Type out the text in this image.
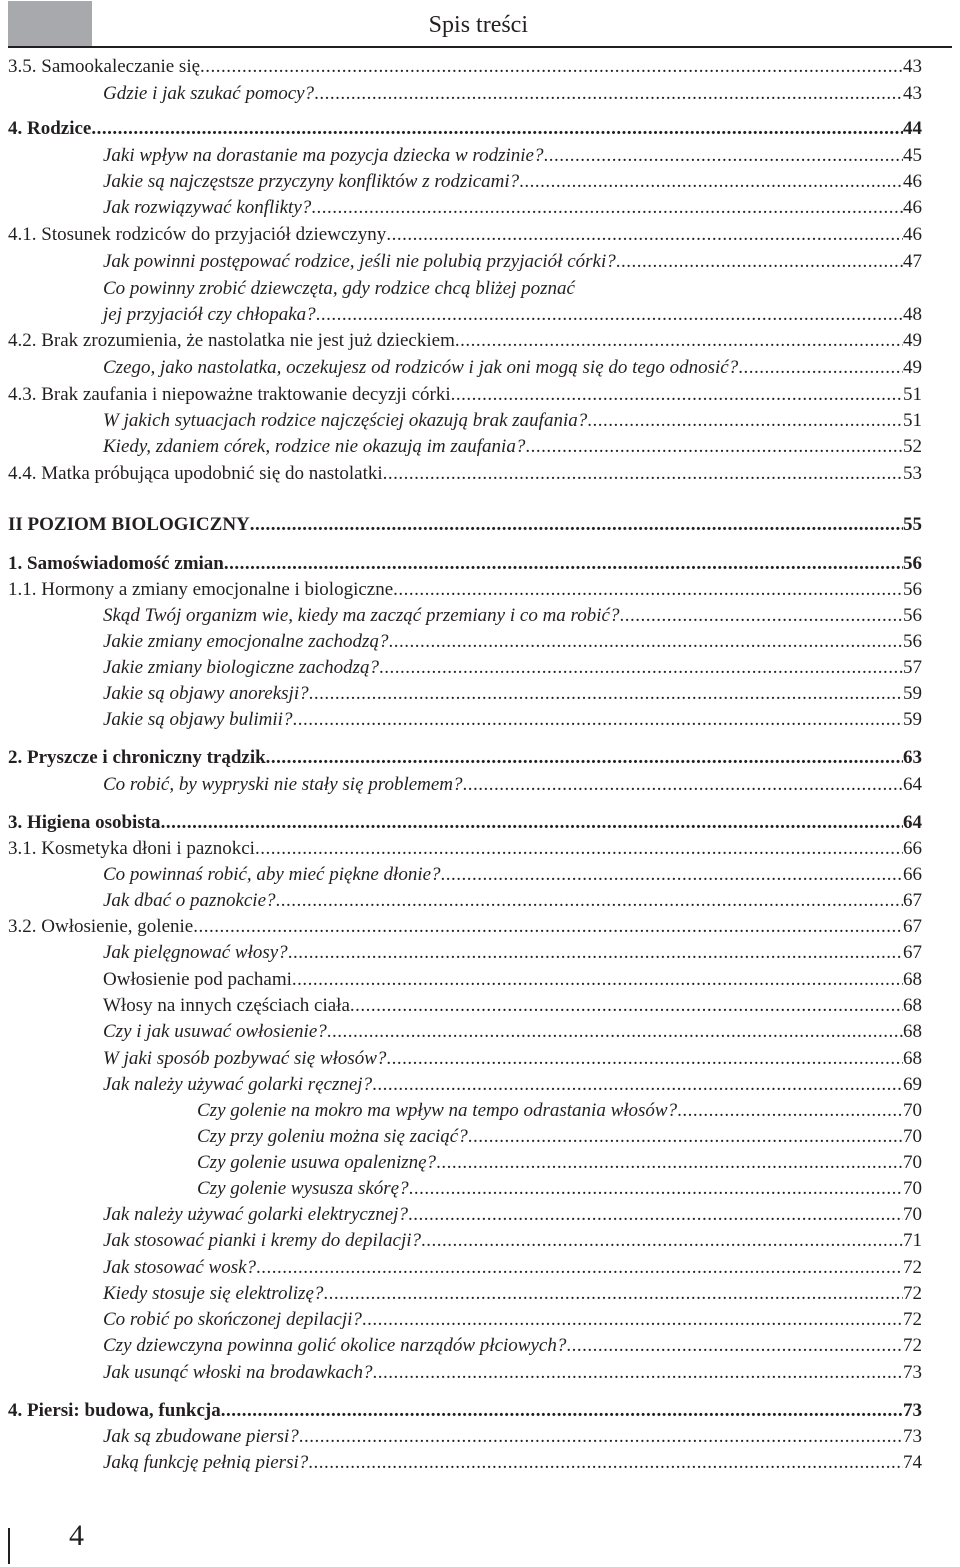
Spis treści
3.5. Samookaleczanie się .....	43
Gdzie i jak szukać pomocy? .....	43
4. Rodzice .....	44
Jaki wpływ na dorastanie ma pozycja dziecka w rodzinie? .....	45
Jakie są najczęstsze przyczyny konfliktów z rodzicami? .....	46
Jak rozwiązywać konflikty? .....	46
4.1. Stosunek rodziców do przyjaciół dziewczyny .....	46
Jak powinni postępować rodzice, jeśli nie polubią przyjaciół córki? .....	47
Co powinny zrobić dziewczęta, gdy rodzice chcą bliżej poznać
jej przyjaciół czy chłopaka? .....	48
4.2. Brak zrozumienia, że nastolatka nie jest już dzieckiem .....	49
Czego, jako nastolatka, oczekujesz od rodziców i jak oni mogą się do tego odnosić? .....	49
4.3. Brak zaufania i niepoważne traktowanie decyzji córki .....	51
W jakich sytuacjach rodzice najczęściej okazują brak zaufania? .....	51
Kiedy, zdaniem córek, rodzice nie okazują im zaufania? .....	52
4.4. Matka próbująca upodobnić się do nastolatki .....	53
II POZIOM BIOLOGICZNY .....	55
1. Samoświadomość zmian .....	56
1.1. Hormony a zmiany emocjonalne i biologiczne .....	56
Skąd Twój organizm wie, kiedy ma zacząć przemiany i co ma robić? .....	56
Jakie zmiany emocjonalne zachodzą? .....	56
Jakie zmiany biologiczne zachodzą? .....	57
Jakie są objawy anoreksji? .....	59
Jakie są objawy bulimii? .....	59
2. Pryszcze i chroniczny trądzik .....	63
Co robić, by wypryski nie stały się problemem? .....	64
3. Higiena osobista .....	64
3.1. Kosmetyka dłoni i paznokci .....	66
Co powinnaś robić, aby mieć piękne dłonie? .....	66
Jak dbać o paznokcie? .....	67
3.2. Owłosienie, golenie .....	67
Jak pielęgnować włosy? .....	67
Owłosienie pod pachami .....	68
Włosy na innych częściach ciała .....	68
Czy i jak usuwać owłosienie? .....	68
W jaki sposób pozbywać się włosów? .....	68
Jak należy używać golarki ręcznej? .....	69
Czy golenie na mokro ma wpływ na tempo odrastania włosów? .....	70
Czy przy goleniu można się zaciąć? .....	70
Czy golenie usuwa opaleniznę? .....	70
Czy golenie wysusza skórę? .....	70
Jak należy używać golarki elektrycznej? .....	70
Jak stosować pianki i kremy do depilacji? .....	71
Jak stosować wosk? .....	72
Kiedy stosuje się elektrolizę? .....	72
Co robić po skończonej depilacji? .....	72
Czy dziewczyna powinna golić okolice narządów płciowych? .....	72
Jak usunąć włoski na brodawkach? .....	73
4. Piersi: budowa, funkcja .....	73
Jak są zbudowane piersi? .....	73
Jaką funkcję pełnią piersi? .....	74
4
